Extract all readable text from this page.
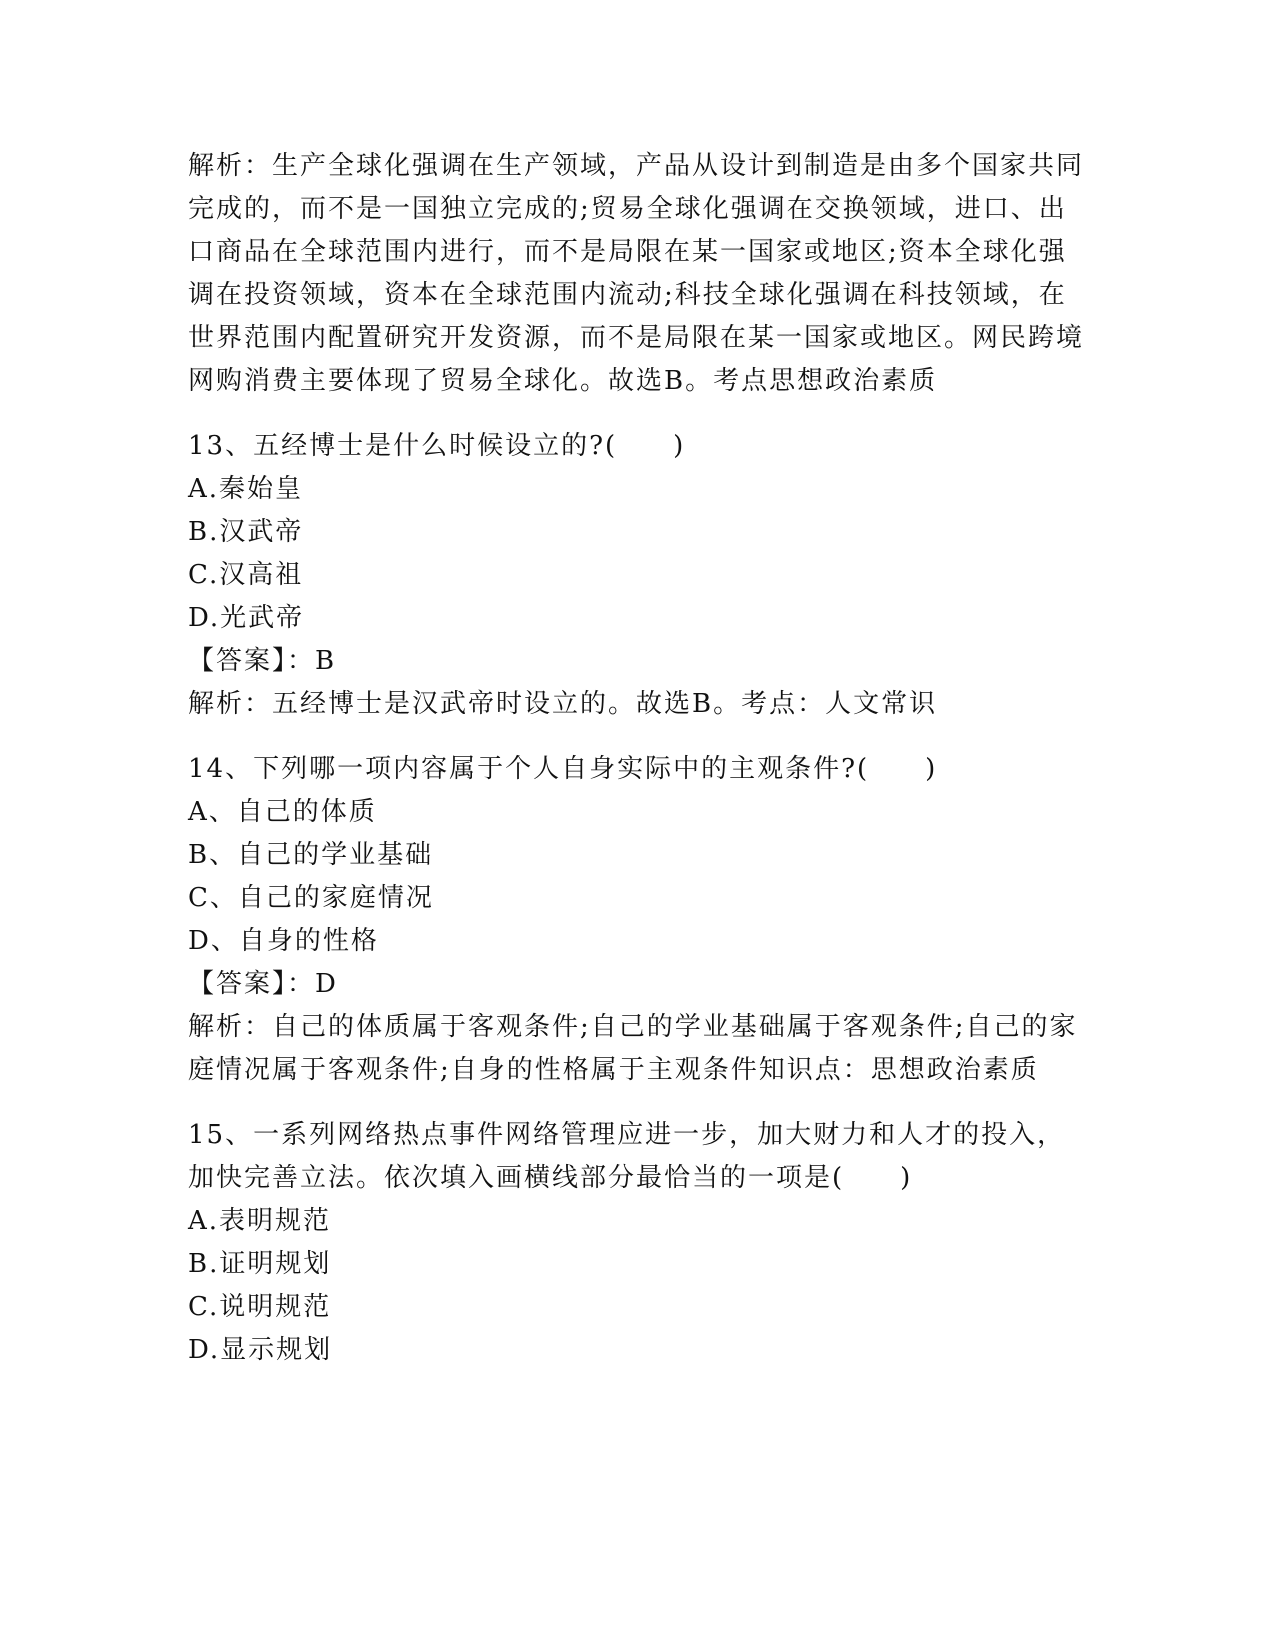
解析：生产全球化强调在生产领域，产品从设计到制造是由多个国家共同完成的，而不是一国独立完成的;贸易全球化强调在交换领域，进口、出口商品在全球范围内进行，而不是局限在某一国家或地区;资本全球化强调在投资领域，资本在全球范围内流动;科技全球化强调在科技领域，在世界范围内配置研究开发资源，而不是局限在某一国家或地区。网民跨境网购消费主要体现了贸易全球化。故选B。考点思想政治素质

13、五经博士是什么时候设立的?(　　)

A.秦始皇

B.汉武帝

C.汉高祖

D.光武帝

【答案】：B

解析：五经博士是汉武帝时设立的。故选B。考点：人文常识

14、下列哪一项内容属于个人自身实际中的主观条件?(　　)

A、自己的体质

B、自己的学业基础

C、自己的家庭情况

D、自身的性格

【答案】：D

解析：自己的体质属于客观条件;自己的学业基础属于客观条件;自己的家庭情况属于客观条件;自身的性格属于主观条件知识点：思想政治素质

15、一系列网络热点事件网络管理应进一步，加大财力和人才的投入，加快完善立法。依次填入画横线部分最恰当的一项是(　　)

A.表明规范

B.证明规划

C.说明规范

D.显示规划
